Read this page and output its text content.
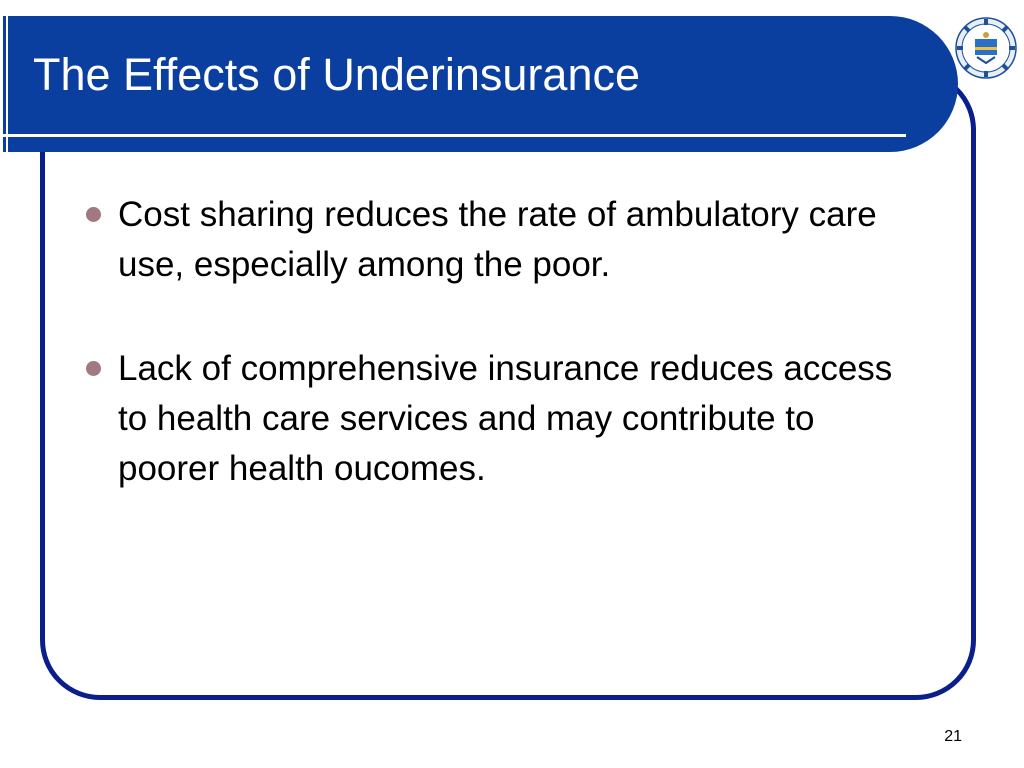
The Effects of Underinsurance
Cost sharing reduces the rate of ambulatory care use, especially among the poor.
Lack of comprehensive insurance reduces access to health care services and may contribute to poorer health oucomes.
21
